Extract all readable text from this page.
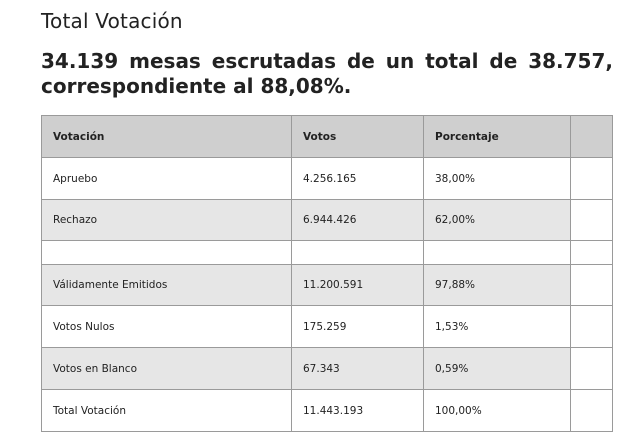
Total Votación
34.139 mesas escrutadas de un total de 38.757,
correspondiente al 88,08%.
Votación	Votos	Porcentaje	
Apruebo	4.256.165	38,00%	
Rechazo	6.944.426	62,00%	

Válidamente Emitidos	11.200.591	97,88%	
Votos Nulos	175.259	1,53%	
Votos en Blanco	67.343	0,59%	
Total Votación	11.443.193	100,00%	
